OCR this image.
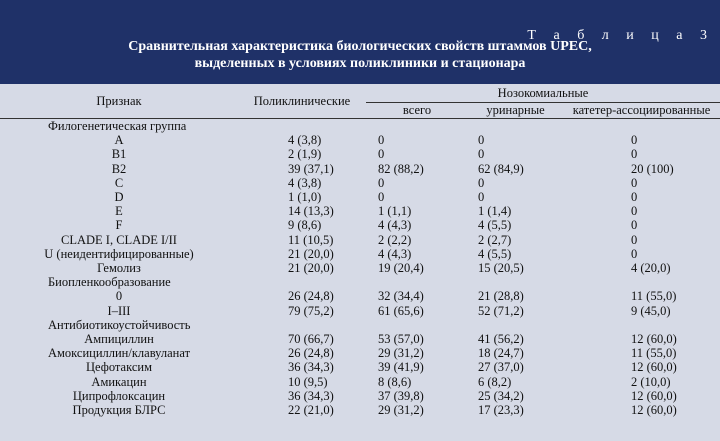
Т а б л и ц а 3
Сравнительная характеристика биологических свойств штаммов UPEC,
выделенных в условиях поликлиники и стационара
Признак	Поликлинические	Нозокомиальные		
		всего	уринарные	катетер-ассоциированные
Филогенетическая группа				
A	4 (3,8)	0	0	0
B1	2 (1,9)	0	0	0
B2	39 (37,1)	82 (88,2)	62 (84,9)	20 (100)
C	4 (3,8)	0	0	0
D	1 (1,0)	0	0	0
E	14 (13,3)	1 (1,1)	1 (1,4)	0
F	9 (8,6)	4 (4,3)	4 (5,5)	0
CLADE I, CLADE I/II	11 (10,5)	2 (2,2)	2 (2,7)	0
U (неидентифицированные)	21 (20,0)	4 (4,3)	4 (5,5)	0
Гемолиз	21 (20,0)	19 (20,4)	15 (20,5)	4 (20,0)
Биопленкообразование				
0	26 (24,8)	32 (34,4)	21 (28,8)	11 (55,0)
I–III	79 (75,2)	61 (65,6)	52 (71,2)	9 (45,0)
Антибиотикоустойчивость				
Ампициллин	70 (66,7)	53 (57,0)	41 (56,2)	12 (60,0)
Амоксициллин/клавуланат	26 (24,8)	29 (31,2)	18 (24,7)	11 (55,0)
Цефотаксим	36 (34,3)	39 (41,9)	27 (37,0)	12 (60,0)
Амикацин	10 (9,5)	8 (8,6)	6 (8,2)	2 (10,0)
Ципрофлоксацин	36 (34,3)	37 (39,8)	25 (34,2)	12 (60,0)
Продукция БЛРС	22 (21,0)	29 (31,2)	17 (23,3)	12 (60,0)
